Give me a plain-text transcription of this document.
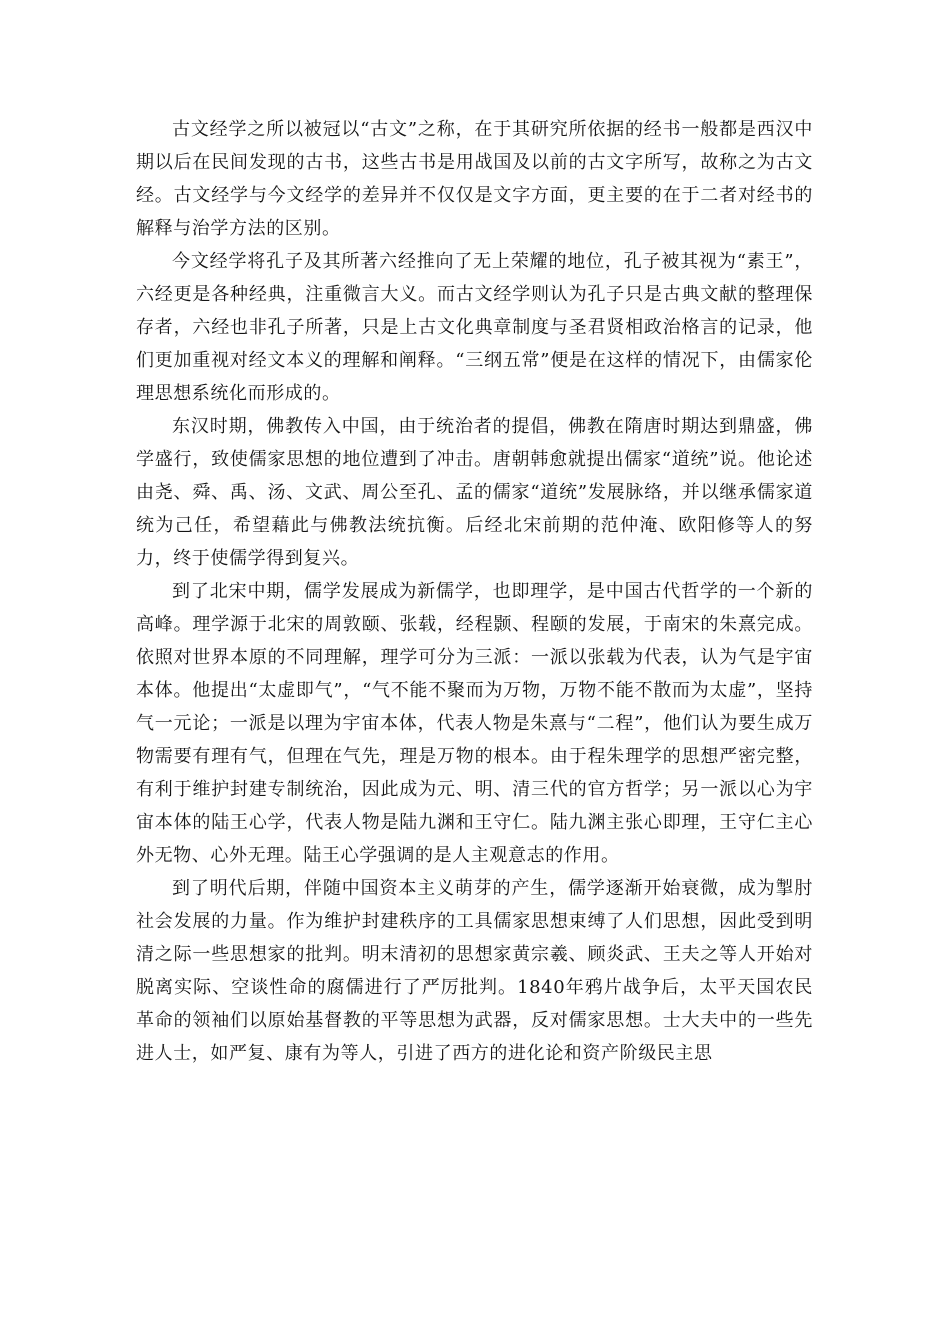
古文经学之所以被冠以“古文”之称，在于其研究所依据的经书一般都是西汉中期以后在民间发现的古书，这些古书是用战国及以前的古文字所写，故称之为古文经。古文经学与今文经学的差异并不仅仅是文字方面，更主要的在于二者对经书的解释与治学方法的区别。

今文经学将孔子及其所著六经推向了无上荣耀的地位，孔子被其视为“素王”，六经更是各种经典，注重微言大义。而古文经学则认为孔子只是古典文献的整理保存者，六经也非孔子所著，只是上古文化典章制度与圣君贤相政治格言的记录，他们更加重视对经文本义的理解和阐释。“三纲五常”便是在这样的情况下，由儒家伦理思想系统化而形成的。

东汉时期，佛教传入中国，由于统治者的提倡，佛教在隋唐时期达到鼎盛，佛学盛行，致使儒家思想的地位遭到了冲击。唐朝韩愈就提出儒家“道统”说。他论述由尧、舜、禹、汤、文武、周公至孔、孟的儒家“道统”发展脉络，并以继承儒家道统为己任，希望藉此与佛教法统抗衡。后经北宋前期的范仲淹、欧阳修等人的努力，终于使儒学得到复兴。

到了北宋中期，儒学发展成为新儒学，也即理学，是中国古代哲学的一个新的高峰。理学源于北宋的周敦颐、张载，经程颢、程颐的发展，于南宋的朱熹完成。依照对世界本原的不同理解，理学可分为三派：一派以张载为代表，认为气是宇宙本体。他提出“太虚即气”，“气不能不聚而为万物，万物不能不散而为太虚”，坚持气一元论；一派是以理为宇宙本体，代表人物是朱熹与“二程”，他们认为要生成万物需要有理有气，但理在气先，理是万物的根本。由于程朱理学的思想严密完整，有利于维护封建专制统治，因此成为元、明、清三代的官方哲学；另一派以心为宇宙本体的陆王心学，代表人物是陆九渊和王守仁。陆九渊主张心即理，王守仁主心外无物、心外无理。陆王心学强调的是人主观意志的作用。

到了明代后期，伴随中国资本主义萌芽的产生，儒学逐渐开始衰微，成为掣肘社会发展的力量。作为维护封建秩序的工具儒家思想束缚了人们思想，因此受到明清之际一些思想家的批判。明末清初的思想家黄宗羲、顾炎武、王夫之等人开始对脱离实际、空谈性命的腐儒进行了严厉批判。1840年鸦片战争后，太平天国农民革命的领袖们以原始基督教的平等思想为武器，反对儒家思想。士大夫中的一些先进人士，如严复、康有为等人，引进了西方的进化论和资产阶级民主思
